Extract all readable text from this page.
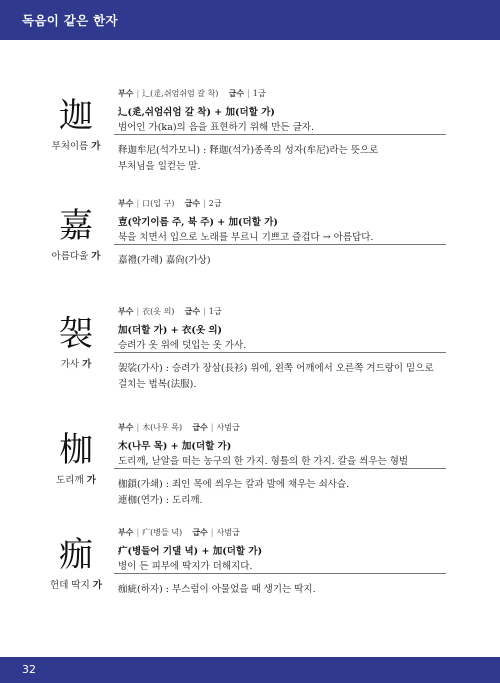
독음이 같은 한자
迦
부처이름 가
부수 | 辶(辵,쉬엄쉬엄 갈 착) 급수 | 1급
辶(辵,쉬엄쉬엄 갈 착) + 加(더할 가)
범어인 가(ka)의 음을 표현하기 위해 만든 글자.
释迦牟尼(석가모니) : 释迦(석가)종족의 성자(牟尼)라는 뜻으로
부처님을 일컫는 말.
嘉
아름다울 가
부수 | 口(입 구) 급수 | 2급
壴(악기이름 주, 북 주) + 加(더할 가)
북을 치면서 입으로 노래를 부르니 기쁘고 즐겁다 → 아름답다.
嘉禮(가례) 嘉尙(가상)
袈
가사 가
부수 | 衣(옷 의) 급수 | 1급
加(더할 가) + 衣(옷 의)
승려가 옷 위에 덧입는 옷 가사.
袈裟(가사) : 승려가 장삼(長衫) 위에, 왼쪽 어깨에서 오른쪽 겨드랑이 밑으로
걸치는 법복(法服).
枷
도리깨 가
부수 | 木(나무 목) 급수 | 사범급
木(나무 목) + 加(더할 가)
도리깨, 낟알을 떠는 농구의 한 가지. 형틀의 한 가지. 칼을 씌우는 형벌
枷鎖(가쇄) : 죄인 목에 씌우는 칼과 발에 채우는 쇠사슬.
連枷(연가) : 도리깨.
痂
헌데 딱지 가
부수 | 疒(병들 녁) 급수 | 사범급
疒(병들어 기댈 녁) + 加(더할 가)
병이 든 피부에 딱지가 더해지다.
痂疵(하자) : 부스럼이 아물었을 때 생기는 딱지.
32
